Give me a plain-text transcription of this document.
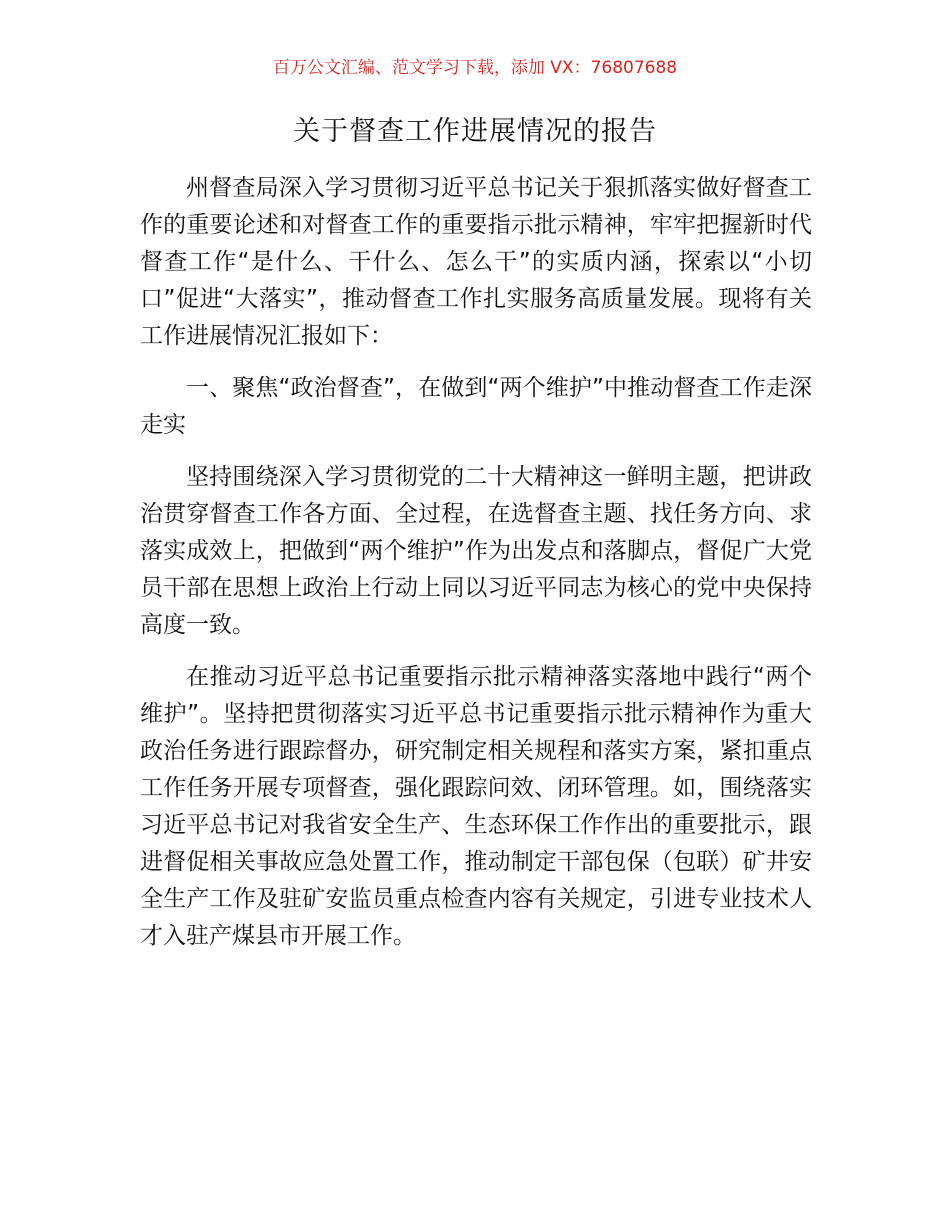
百万公文汇编、范文学习下载，添加 VX：76807688
关于督查工作进展情况的报告

州督查局深入学习贯彻习近平总书记关于狠抓落实做好督查工作的重要论述和对督查工作的重要指示批示精神，牢牢把握新时代督查工作“是什么、干什么、怎么干”的实质内涵，探索以“小切口”促进“大落实”，推动督查工作扎实服务高质量发展。现将有关工作进展情况汇报如下：

一、聚焦“政治督查”，在做到“两个维护”中推动督查工作走深走实

坚持围绕深入学习贯彻党的二十大精神这一鲜明主题，把讲政治贯穿督查工作各方面、全过程，在选督查主题、找任务方向、求落实成效上，把做到“两个维护”作为出发点和落脚点，督促广大党员干部在思想上政治上行动上同以习近平同志为核心的党中央保持高度一致。

在推动习近平总书记重要指示批示精神落实落地中践行“两个维护”。坚持把贯彻落实习近平总书记重要指示批示精神作为重大政治任务进行跟踪督办，研究制定相关规程和落实方案，紧扣重点工作任务开展专项督查，强化跟踪问效、闭环管理。如，围绕落实习近平总书记对我省安全生产、生态环保工作作出的重要批示，跟进督促相关事故应急处置工作，推动制定干部包保（包联）矿井安全生产工作及驻矿安监员重点检查内容有关规定，引进专业技术人才入驻产煤县市开展工作。
